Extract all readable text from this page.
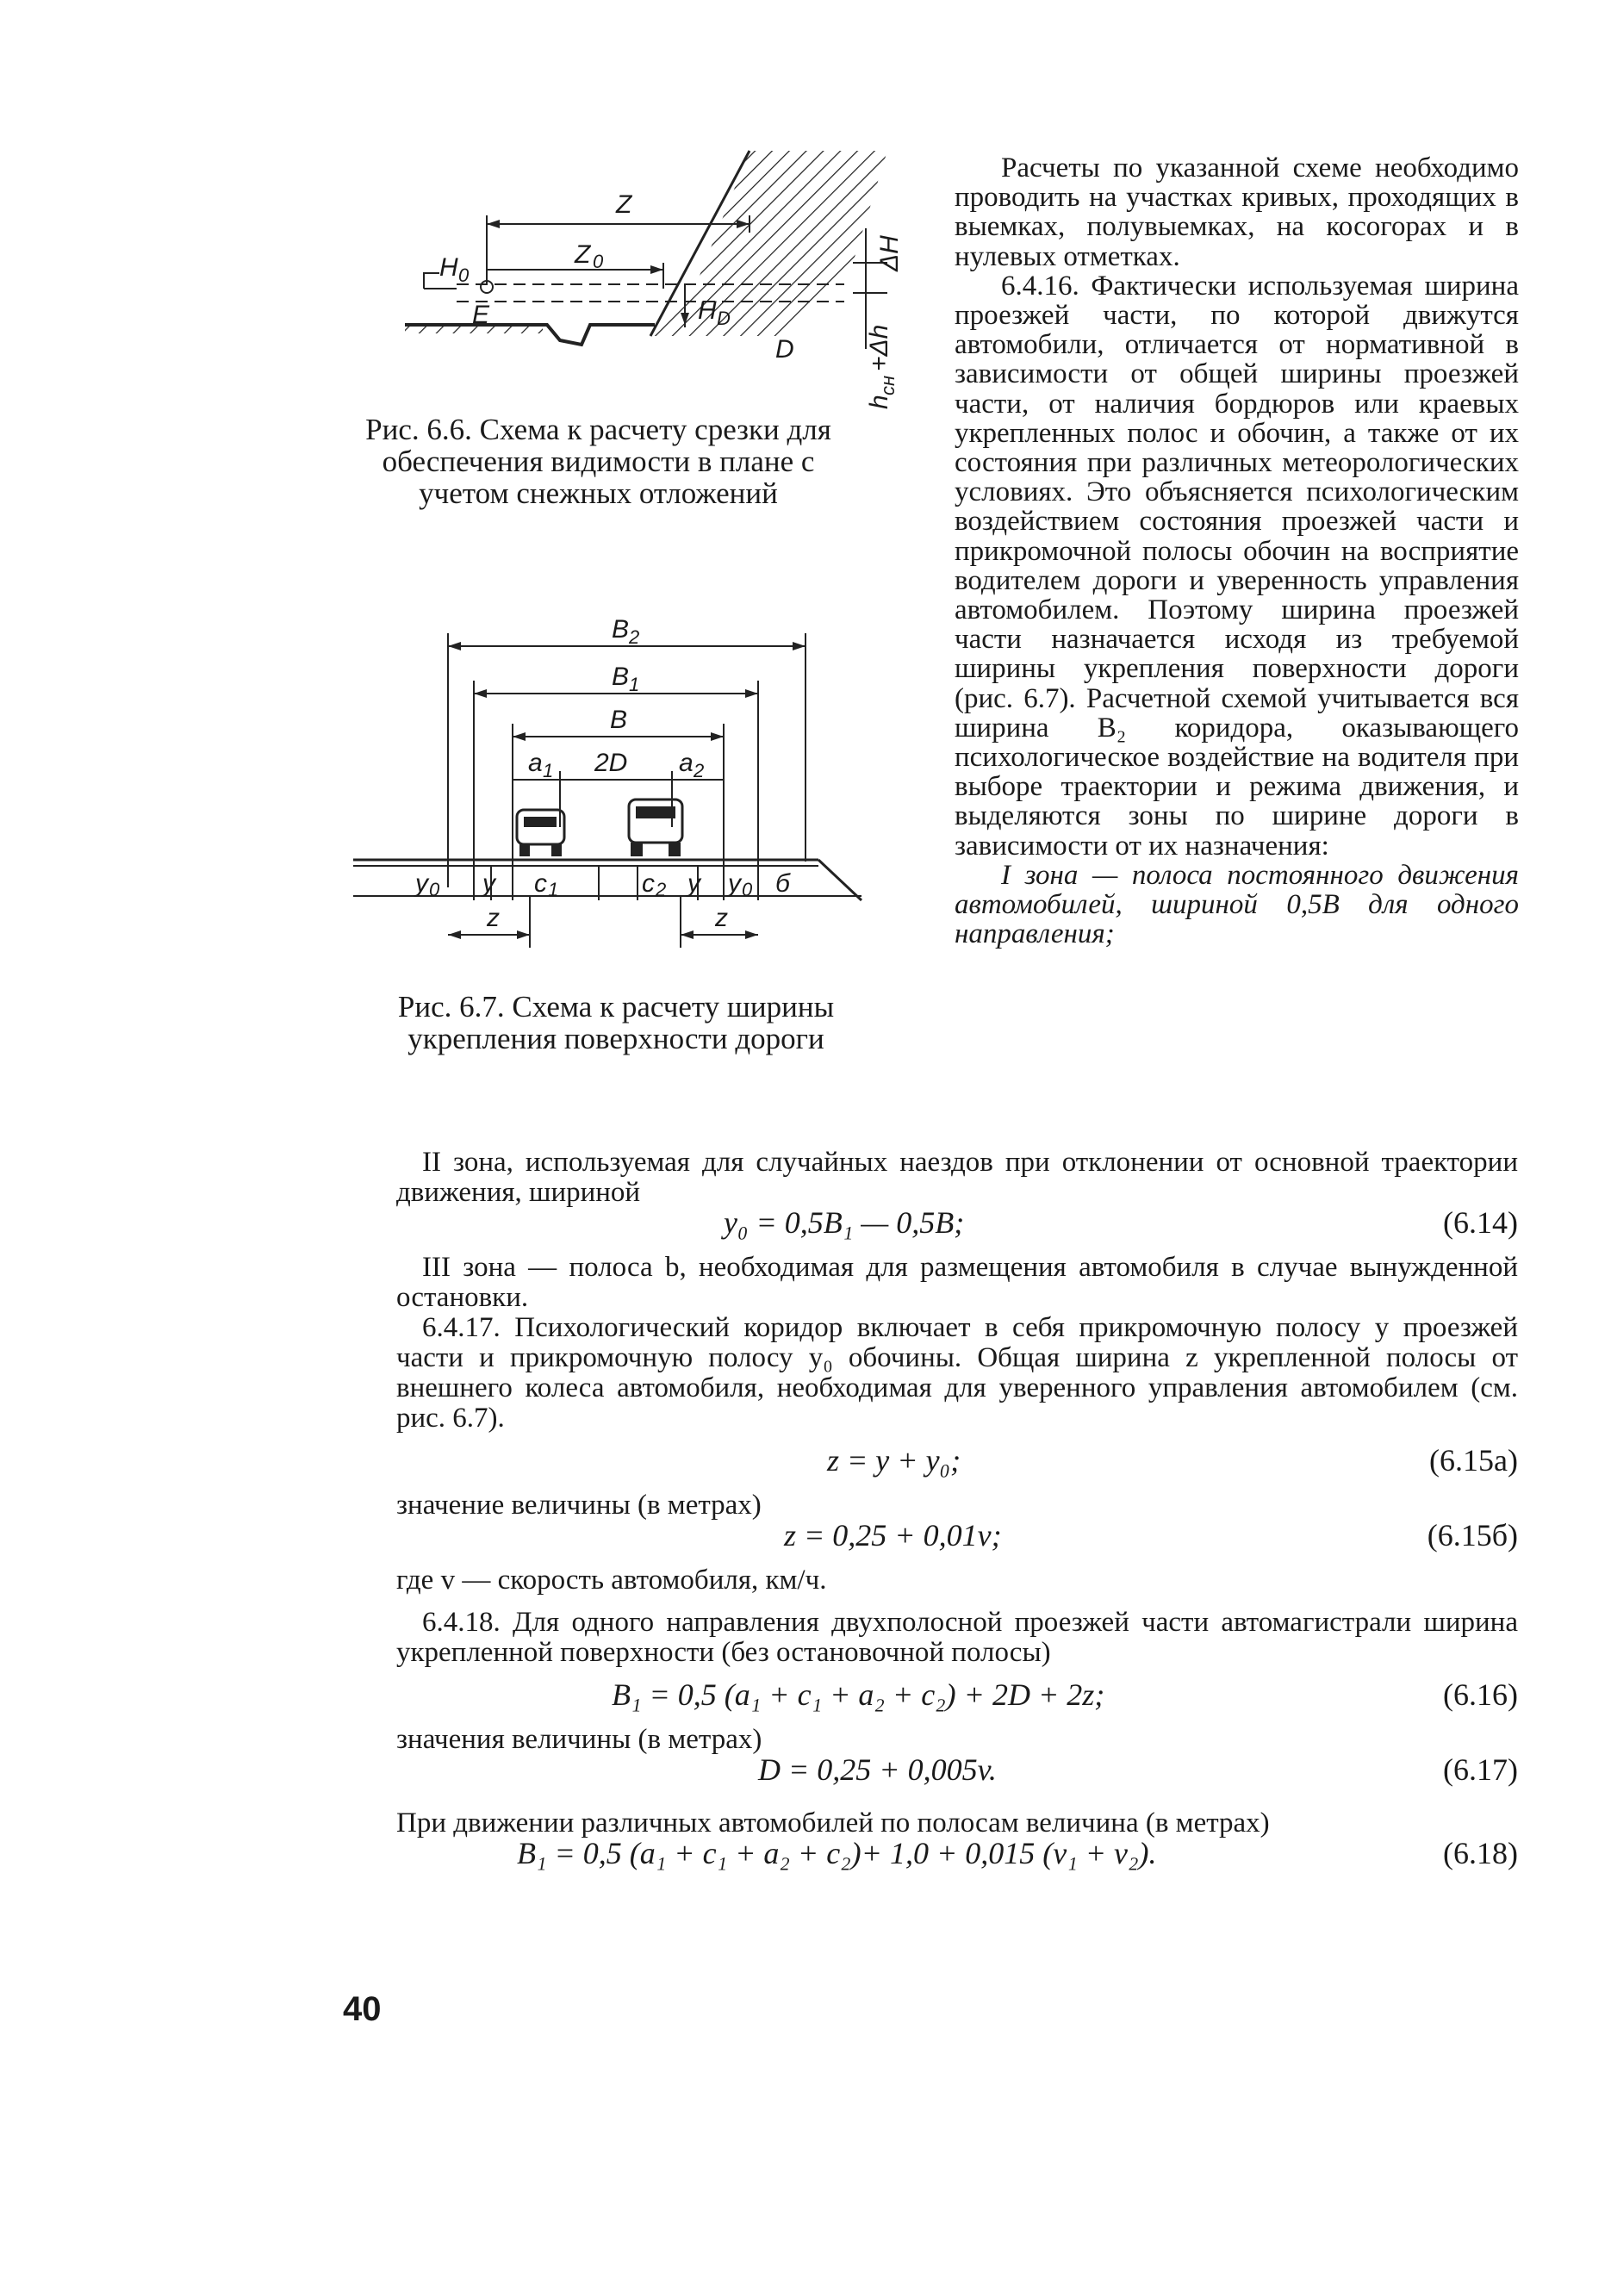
Z
Z 0
H 0
E	H D
D
ΔH
h
сн
+Δh
Рис. 6.6. Схема к расчету срезки для обеспечения видимости в плане с учетом снежных отложений
B 2
B 1
B
a 1 2D a 2
y 0 y c 1	c 2 y y 0 б
z	z
Рис. 6.7. Схема к расчету ширины укрепления поверхности дороги

Расчеты по указанной схеме необходимо проводить на участках кривых, проходящих в выемках, полувыемках, на косогорах и в нулевых отметках.

6.4.16. Фактически используемая ширина проезжей части, по которой движутся автомобили, отличается от нормативной в зависимости от общей ширины проезжей части, от наличия бордюров или краевых укрепленных полос и обочин, а также от их состояния при различных метеорологических условиях. Это объясняется психологическим воздействием состояния проезжей части и прикромочной полосы обочин на восприятие водителем дороги и уверенность управления автомобилем. Поэтому ширина проезжей части назначается исходя из требуемой ширины укрепления поверхности дороги (рис. 6.7). Расчетной схемой учитывается вся ширина B₂ коридора, оказывающего психологическое воздействие на водителя при выборе траектории и режима движения, и выделяются зоны по ширине дороги в зависимости от их назначения:

I зона — полоса постоянного движения автомобилей, шириной 0,5B для одного направления;

II зона, используемая для случайных наездов при отклонении от основной траектории движения, шириной

y₀ = 0,5B₁ — 0,5B;	(6.14)

III зона — полоса b, необходимая для размещения автомобиля в случае вынужденной остановки.

6.4.17. Психологический коридор включает в себя прикромочную полосу y проезжей части и прикромочную полосу y₀ обочины. Общая ширина z укрепленной полосы от внешнего колеса автомобиля, необходимая для уверенного управления автомобилем (см. рис. 6.7).

z = y + y₀;	(6.15а)

значение величины (в метрах)

z = 0,25 + 0,01v;	(6.15б)

где v — скорость автомобиля, км/ч.

6.4.18. Для одного направления двухполосной проезжей части автомагистрали ширина укрепленной поверхности (без остановочной полосы)

B₁ = 0,5 (a₁ + c₁ + a₂ + c₂) + 2D + 2z;	(6.16)

значения величины (в метрах)

D = 0,25 + 0,005v.	(6.17)

При движении различных автомобилей по полосам величина (в метрах)

B₁ = 0,5 (a₁ + c₁ + a₂ + c₂)+ 1,0 + 0,015 (v₁ + v₂).	(6.18)
40
